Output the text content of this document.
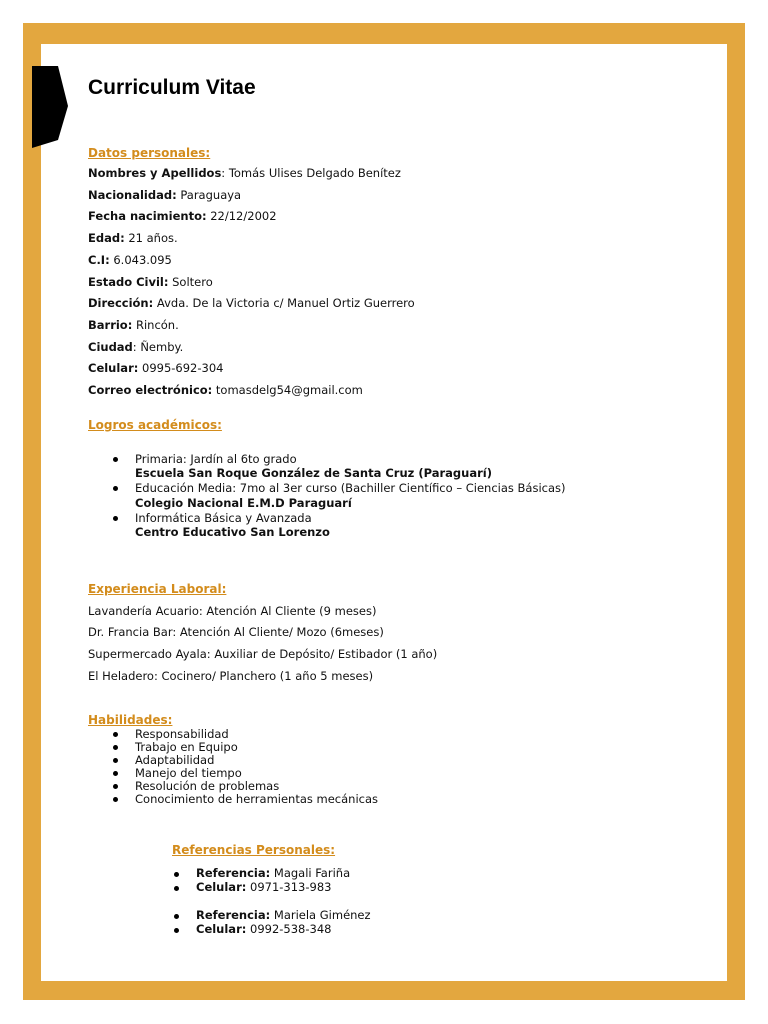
Curriculum Vitae

Datos personales:

Nombres y Apellidos: Tomás Ulises Delgado Benítez

Nacionalidad: Paraguaya

Fecha nacimiento: 22/12/2002

Edad: 21 años.

C.I: 6.043.095

Estado Civil: Soltero

Dirección: Avda. De la Victoria c/ Manuel Ortiz Guerrero

Barrio: Rincón.

Ciudad: Ñemby.

Celular: 0995-692-304

Correo electrónico: tomasdelg54@gmail.com

Logros académicos:

Primaria: Jardín al 6to grado

Escuela San Roque González de Santa Cruz (Paraguarí)

Educación Media: 7mo al 3er curso (Bachiller Científico – Ciencias Básicas)

Colegio Nacional E.M.D Paraguarí

Informática Básica y Avanzada

Centro Educativo San Lorenzo

Experiencia Laboral:

Lavandería Acuario: Atención Al Cliente (9 meses)

Dr. Francia Bar: Atención Al Cliente/ Mozo (6meses)

Supermercado Ayala: Auxiliar de Depósito/ Estibador (1 año)

El Heladero: Cocinero/ Planchero (1 año 5 meses)

Habilidades:

Responsabilidad

Trabajo en Equipo

Adaptabilidad

Manejo del tiempo

Resolución de problemas

Conocimiento de herramientas mecánicas

Referencias Personales:

Referencia: Magali Fariña

Celular: 0971-313-983

Referencia: Mariela Giménez

Celular: 0992-538-348
